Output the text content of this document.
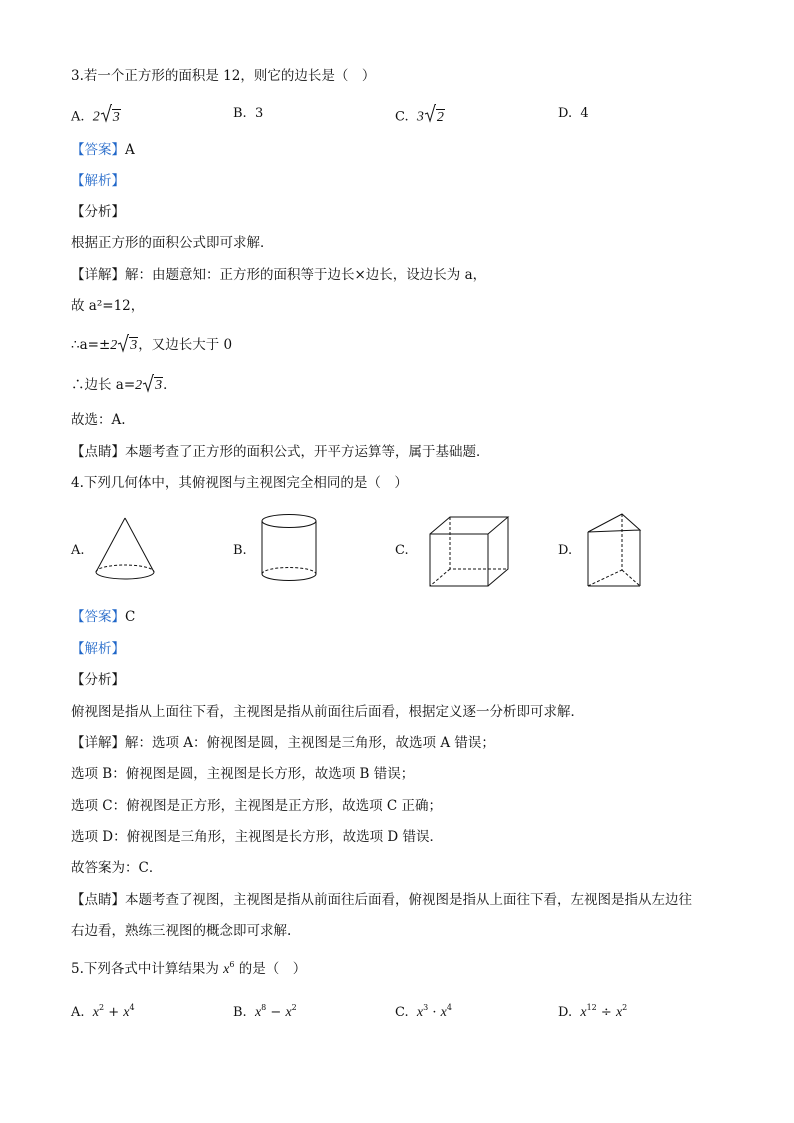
3.若一个正方形的面积是 12，则它的边长是（　）
A. 2 3	B. 3	C. 3 2	D. 4
【答案】A
【解析】
【分析】
根据正方形的面积公式即可求解．
【详解】解：由题意知：正方形的面积等于边长×边长，设边长为 a，
故 a²=12，
∴a=±2 3，又边长大于 0
∴边长 a=2 3．
故选：A.
【点睛】本题考查了正方形的面积公式，开平方运算等，属于基础题．
4.下列几何体中，其俯视图与主视图完全相同的是（　）
A.	B.	C.	D.
【答案】C
【解析】
【分析】
俯视图是指从上面往下看，主视图是指从前面往后面看，根据定义逐一分析即可求解．
【详解】解：选项 A：俯视图是圆，主视图是三角形，故选项 A 错误；
选项 B：俯视图是圆，主视图是长方形，故选项 B 错误；
选项 C：俯视图是正方形，主视图是正方形，故选项 C 正确；
选项 D：俯视图是三角形，主视图是长方形，故选项 D 错误．
故答案为：C．
【点睛】本题考查了视图，主视图是指从前面往后面看，俯视图是指从上面往下看，左视图是指从左边往
右边看，熟练三视图的概念即可求解.
5.下列各式中计算结果为 $x^6$ 的是（　）
A. $x^2 + x^4$	B. $x^8 - x^2$	C. $x^3 \cdot x^4$	D. $x^{12} \div x^2$
